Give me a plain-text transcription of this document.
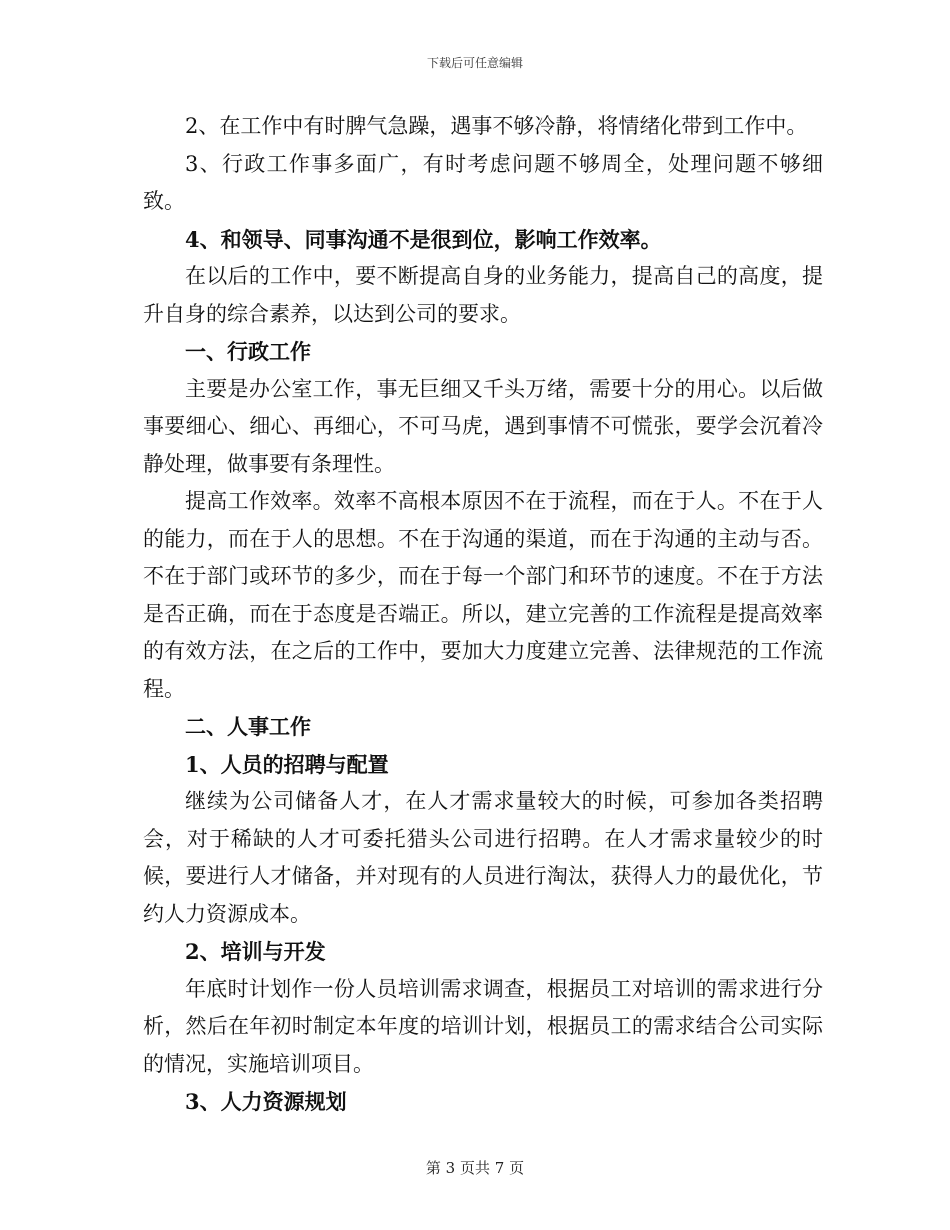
下载后可任意编辑

2、在工作中有时脾气急躁，遇事不够冷静，将情绪化带到工作中。

3、行政工作事多面广，有时考虑问题不够周全，处理问题不够细致。

4、和领导、同事沟通不是很到位，影响工作效率。

在以后的工作中，要不断提高自身的业务能力，提高自己的高度，提升自身的综合素养，以达到公司的要求。

一、行政工作

主要是办公室工作，事无巨细又千头万绪，需要十分的用心。以后做事要细心、细心、再细心，不可马虎，遇到事情不可慌张，要学会沉着冷静处理，做事要有条理性。

提高工作效率。效率不高根本原因不在于流程，而在于人。不在于人的能力，而在于人的思想。不在于沟通的渠道，而在于沟通的主动与否。不在于部门或环节的多少，而在于每一个部门和环节的速度。不在于方法是否正确，而在于态度是否端正。所以，建立完善的工作流程是提高效率的有效方法，在之后的工作中，要加大力度建立完善、法律规范的工作流程。

二、人事工作

1、人员的招聘与配置

继续为公司储备人才，在人才需求量较大的时候，可参加各类招聘会，对于稀缺的人才可委托猎头公司进行招聘。在人才需求量较少的时候，要进行人才储备，并对现有的人员进行淘汰，获得人力的最优化，节约人力资源成本。

2、培训与开发

年底时计划作一份人员培训需求调查，根据员工对培训的需求进行分析，然后在年初时制定本年度的培训计划，根据员工的需求结合公司实际的情况，实施培训项目。

3、人力资源规划

第 3 页共 7 页
